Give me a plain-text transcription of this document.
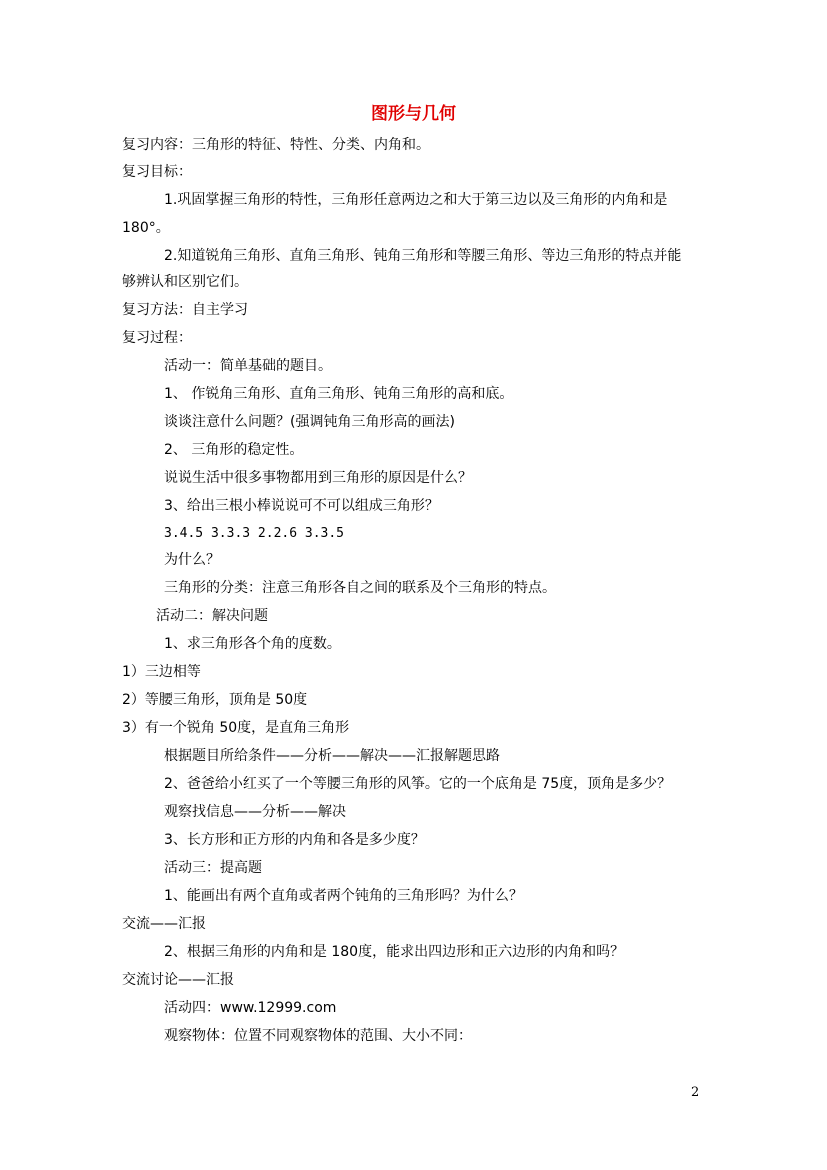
图形与几何
复习内容：三角形的特征、特性、分类、内角和。
复习目标：
1.巩固掌握三角形的特性，三角形任意两边之和大于第三边以及三角形的内角和是
180°。
2.知道锐角三角形、直角三角形、钝角三角形和等腰三角形、等边三角形的特点并能
够辨认和区别它们。
复习方法：自主学习
复习过程：
活动一：简单基础的题目。
1、 作锐角三角形、直角三角形、钝角三角形的高和底。
谈谈注意什么问题？(强调钝角三角形高的画法)
2、 三角形的稳定性。
说说生活中很多事物都用到三角形的原因是什么？
3、给出三根小棒说说可不可以组成三角形？
3.4.5 3.3.3 2.2.6 3.3.5
为什么？
三角形的分类：注意三角形各自之间的联系及个三角形的特点。
活动二：解决问题
1、求三角形各个角的度数。
1）三边相等
2）等腰三角形，顶角是 50度
3）有一个锐角 50度，是直角三角形
根据题目所给条件——分析——解决——汇报解题思路
2、爸爸给小红买了一个等腰三角形的风筝。它的一个底角是 75度，顶角是多少？
观察找信息——分析——解决
3、长方形和正方形的内角和各是多少度？
活动三：提高题
1、能画出有两个直角或者两个钝角的三角形吗？为什么？
交流——汇报
2、根据三角形的内角和是 180度，能求出四边形和正六边形的内角和吗？
交流讨论——汇报
活动四：www.12999.com
观察物体：位置不同观察物体的范围、大小不同：
2
